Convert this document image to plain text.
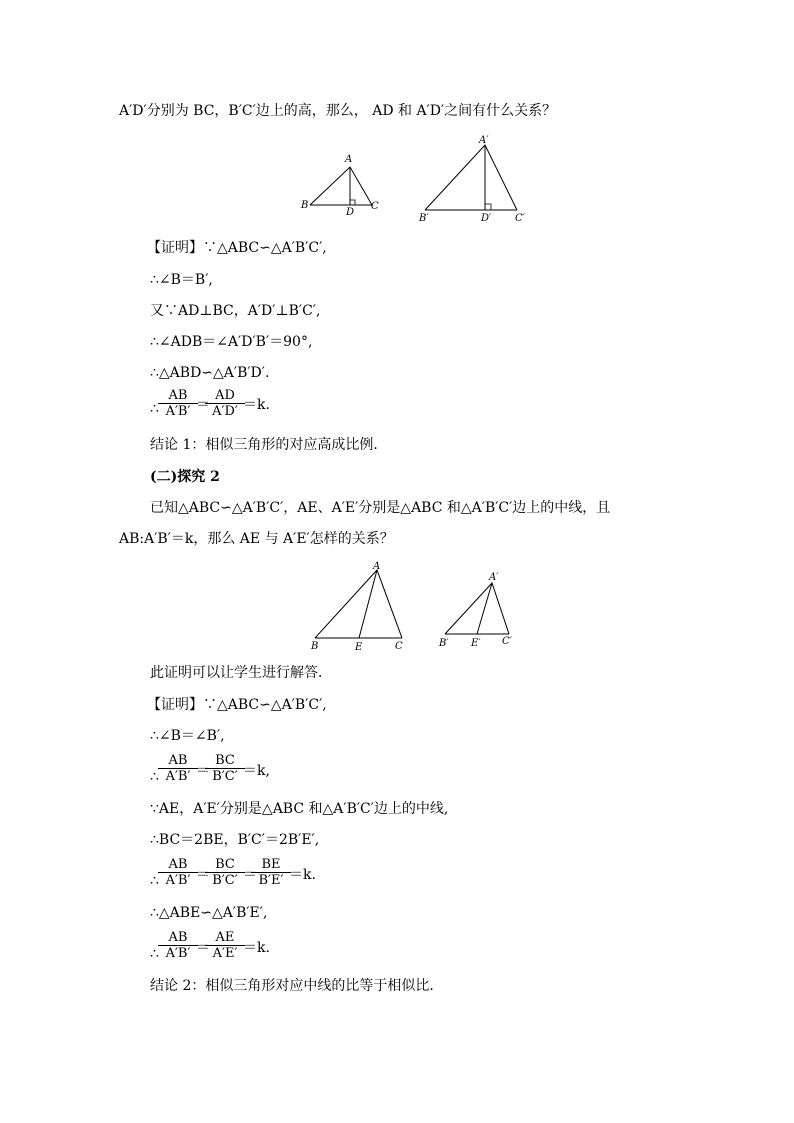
A′D′分别为 BC，B′C′边上的高，那么， AD 和 A′D′之间有什么关系？
A
B	C
D
A′
B′	C′
D′
【证明】∵△ABC∽△A′B′C′,
∴∠B＝B′,
又∵AD⊥BC，A′D′⊥B′C′,
∴∠ADB＝∠A′D′B′＝90°,
∴△ABD∽△A′B′D′.
∴ $\frac{AB}{A'B'}$
＝
$\frac{AD}{A'D'}$
＝k.
结论 1：相似三角形的对应高成比例．
(二)探究 2
已知△ABC∽△A′B′C′，AE、A′E′分别是△ABC 和△A′B′C′边上的中线，且
AB:A′B′＝k，那么 AE 与 A′E′怎样的关系？
A
B	C
E
A′
B′	C′
E′
此证明可以让学生进行解答．
【证明】∵△ABC∽△A′B′C′,
∴∠B＝∠B′,
∴ $\frac{AB}{A'B'}$
＝
$\frac{BC}{B'C'}$
＝k,
∵AE，A′E′分别是△ABC 和△A′B′C′边上的中线,
∴BC＝2BE，B′C′＝2B′E′,
∴ $\frac{AB}{A'B'}$
＝
$\frac{BC}{B'C'}$
＝
$\frac{BE}{B'E'}$
＝k.
∴△ABE∽△A′B′E′,
∴ $\frac{AB}{A'B'}$
＝
$\frac{AE}{A'E'}$
＝k.
结论 2：相似三角形对应中线的比等于相似比．
